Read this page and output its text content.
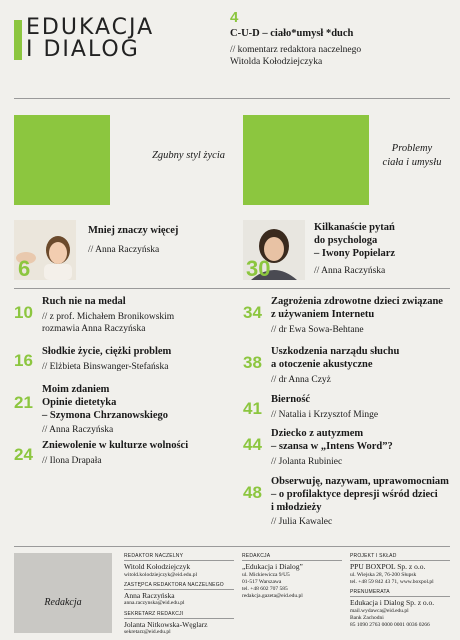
EDUKACJA
I DIALOG
4
C-U-D – ciało*umysł *duch
// komentarz redaktora naczelnego
Witolda Kołodziejczyka
Zgubny styl życia
Problemy
ciała i umysłu
6
Mniej znaczy więcej
// Anna Raczyńska
30
Kilkanaście pytań
do psychologa
– Iwony Popielarz
// Anna Raczyńska
10
Ruch nie na medal
// z prof. Michałem Bronikowskim
rozmawia Anna Raczyńska
16 Słodkie życie, ciężki problem
// Elżbieta Binswanger-Stefańska
21
Moim zdaniem
Opinie dietetyka
– Szymona Chrzanowskiego
// Anna Raczyńska
24 Zniewolenie w kulturze wolności
// Ilona Drapała
34
Zagrożenia zdrowotne dzieci związane
z używaniem Internetu
// dr Ewa Sowa-Behtane
38
Uszkodzenia narządu słuchu
a otoczenie akustyczne
// dr Anna Czyż
41 Bierność
// Natalia i Krzysztof Minge
44
Dziecko z autyzmem
– szansa w „Intens Word”?
// Jolanta Rubiniec
48
Obserwuję, nazywam, uprawomocniam
– o profilaktyce depresji wśród dzieci
i młodzieży
// Julia Kawalec
Redakcja
REDAKTOR NACZELNY
Witold Kołodziejczyk
witold.kolodziejczyk@eid.edu.pl
ZASTĘPCA REDAKTORA NACZELNEGO
Anna Raczyńska
anna.raczynska@eid.edu.pl
SEKRETARZ REDAKCJI
Jolanta Nitkowska-Węglarz
sekretarz@eid.edu.pl
REDAKCJA
„Edukacja i Dialog”
ul. Mickiewicza 9/U5
01-517 Warszawa
tel. +48 602 707 585
redakcja.gazeta@eid.edu.pl
PROJEKT I SKŁAD
PPU BOXPOL Sp. z o.o.
ul. Wiejska 28, 76-200 Słupsk
tel. +48 59 842 43 71, www.boxpol.pl
PRENUMERATA
Edukacja i Dialog Sp. z o.o.
mail.wydawca@eid.edu.pl
Bank Zachodni
85 1090 2763 0000 0001 0036 0266
